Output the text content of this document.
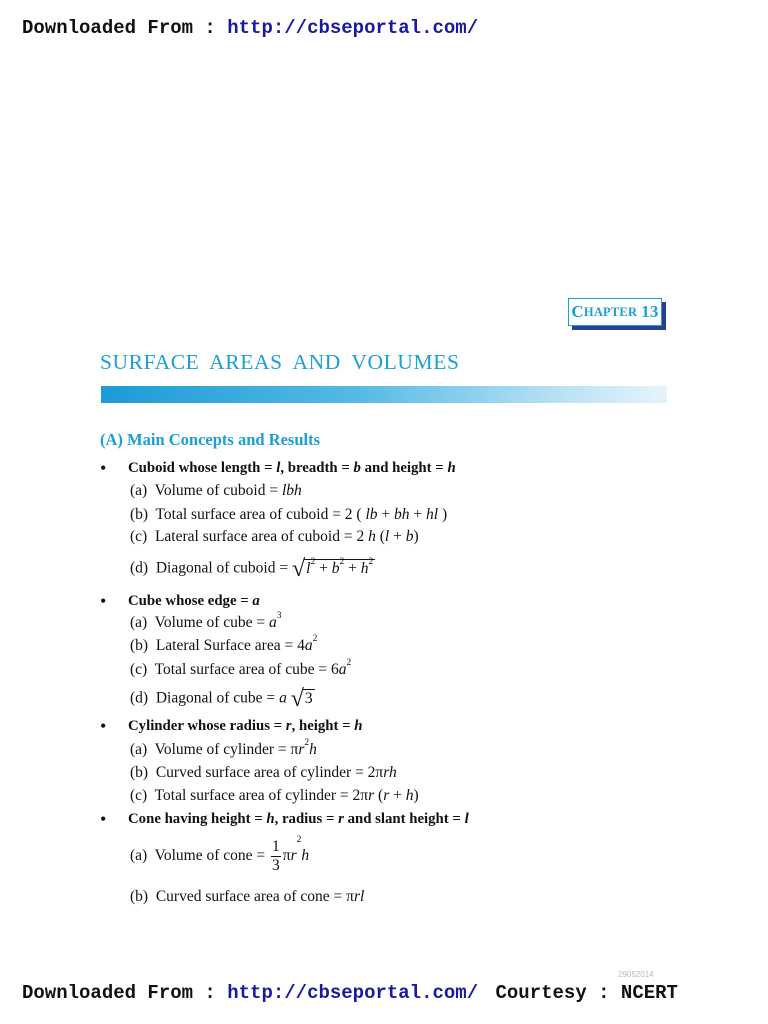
Downloaded From : http://cbseportal.com/
C HAPTER 13
SURFACE AREAS AND VOLUMES
(A) Main Concepts and Results
• Cuboid whose length = l, breadth = b and height = h
(a)  Volume of cuboid = lbh
(b)  Total surface area of cuboid = 2 ( lb + bh + hl )
(c)  Lateral surface area of cuboid = 2 h (l + b)
(d)  Diagonal of cuboid = $√l^2 + b^2 + h^2$
• Cube whose edge = a
(a)  Volume of cube = $a^3$
(b)  Lateral Surface area = $4a^2$
(c)  Total surface area of cube = $6a^2$
(d)  Diagonal of cube = a √3
• Cylinder whose radius = r, height = h
(a)  Volume of cylinder = $\pi r^2h$
(b)  Curved surface area of cylinder = 2πrh
(c)  Total surface area of cylinder = 2πr (r + h)
• Cone having height = h, radius = r and slant height = l
(a)  Volume of cone = $\frac{1}{3} \pi r^2h$
(b)  Curved surface area of cone = πrl
29052014
Downloaded From : http://cbseportal.com/ Courtesy : NCERT
